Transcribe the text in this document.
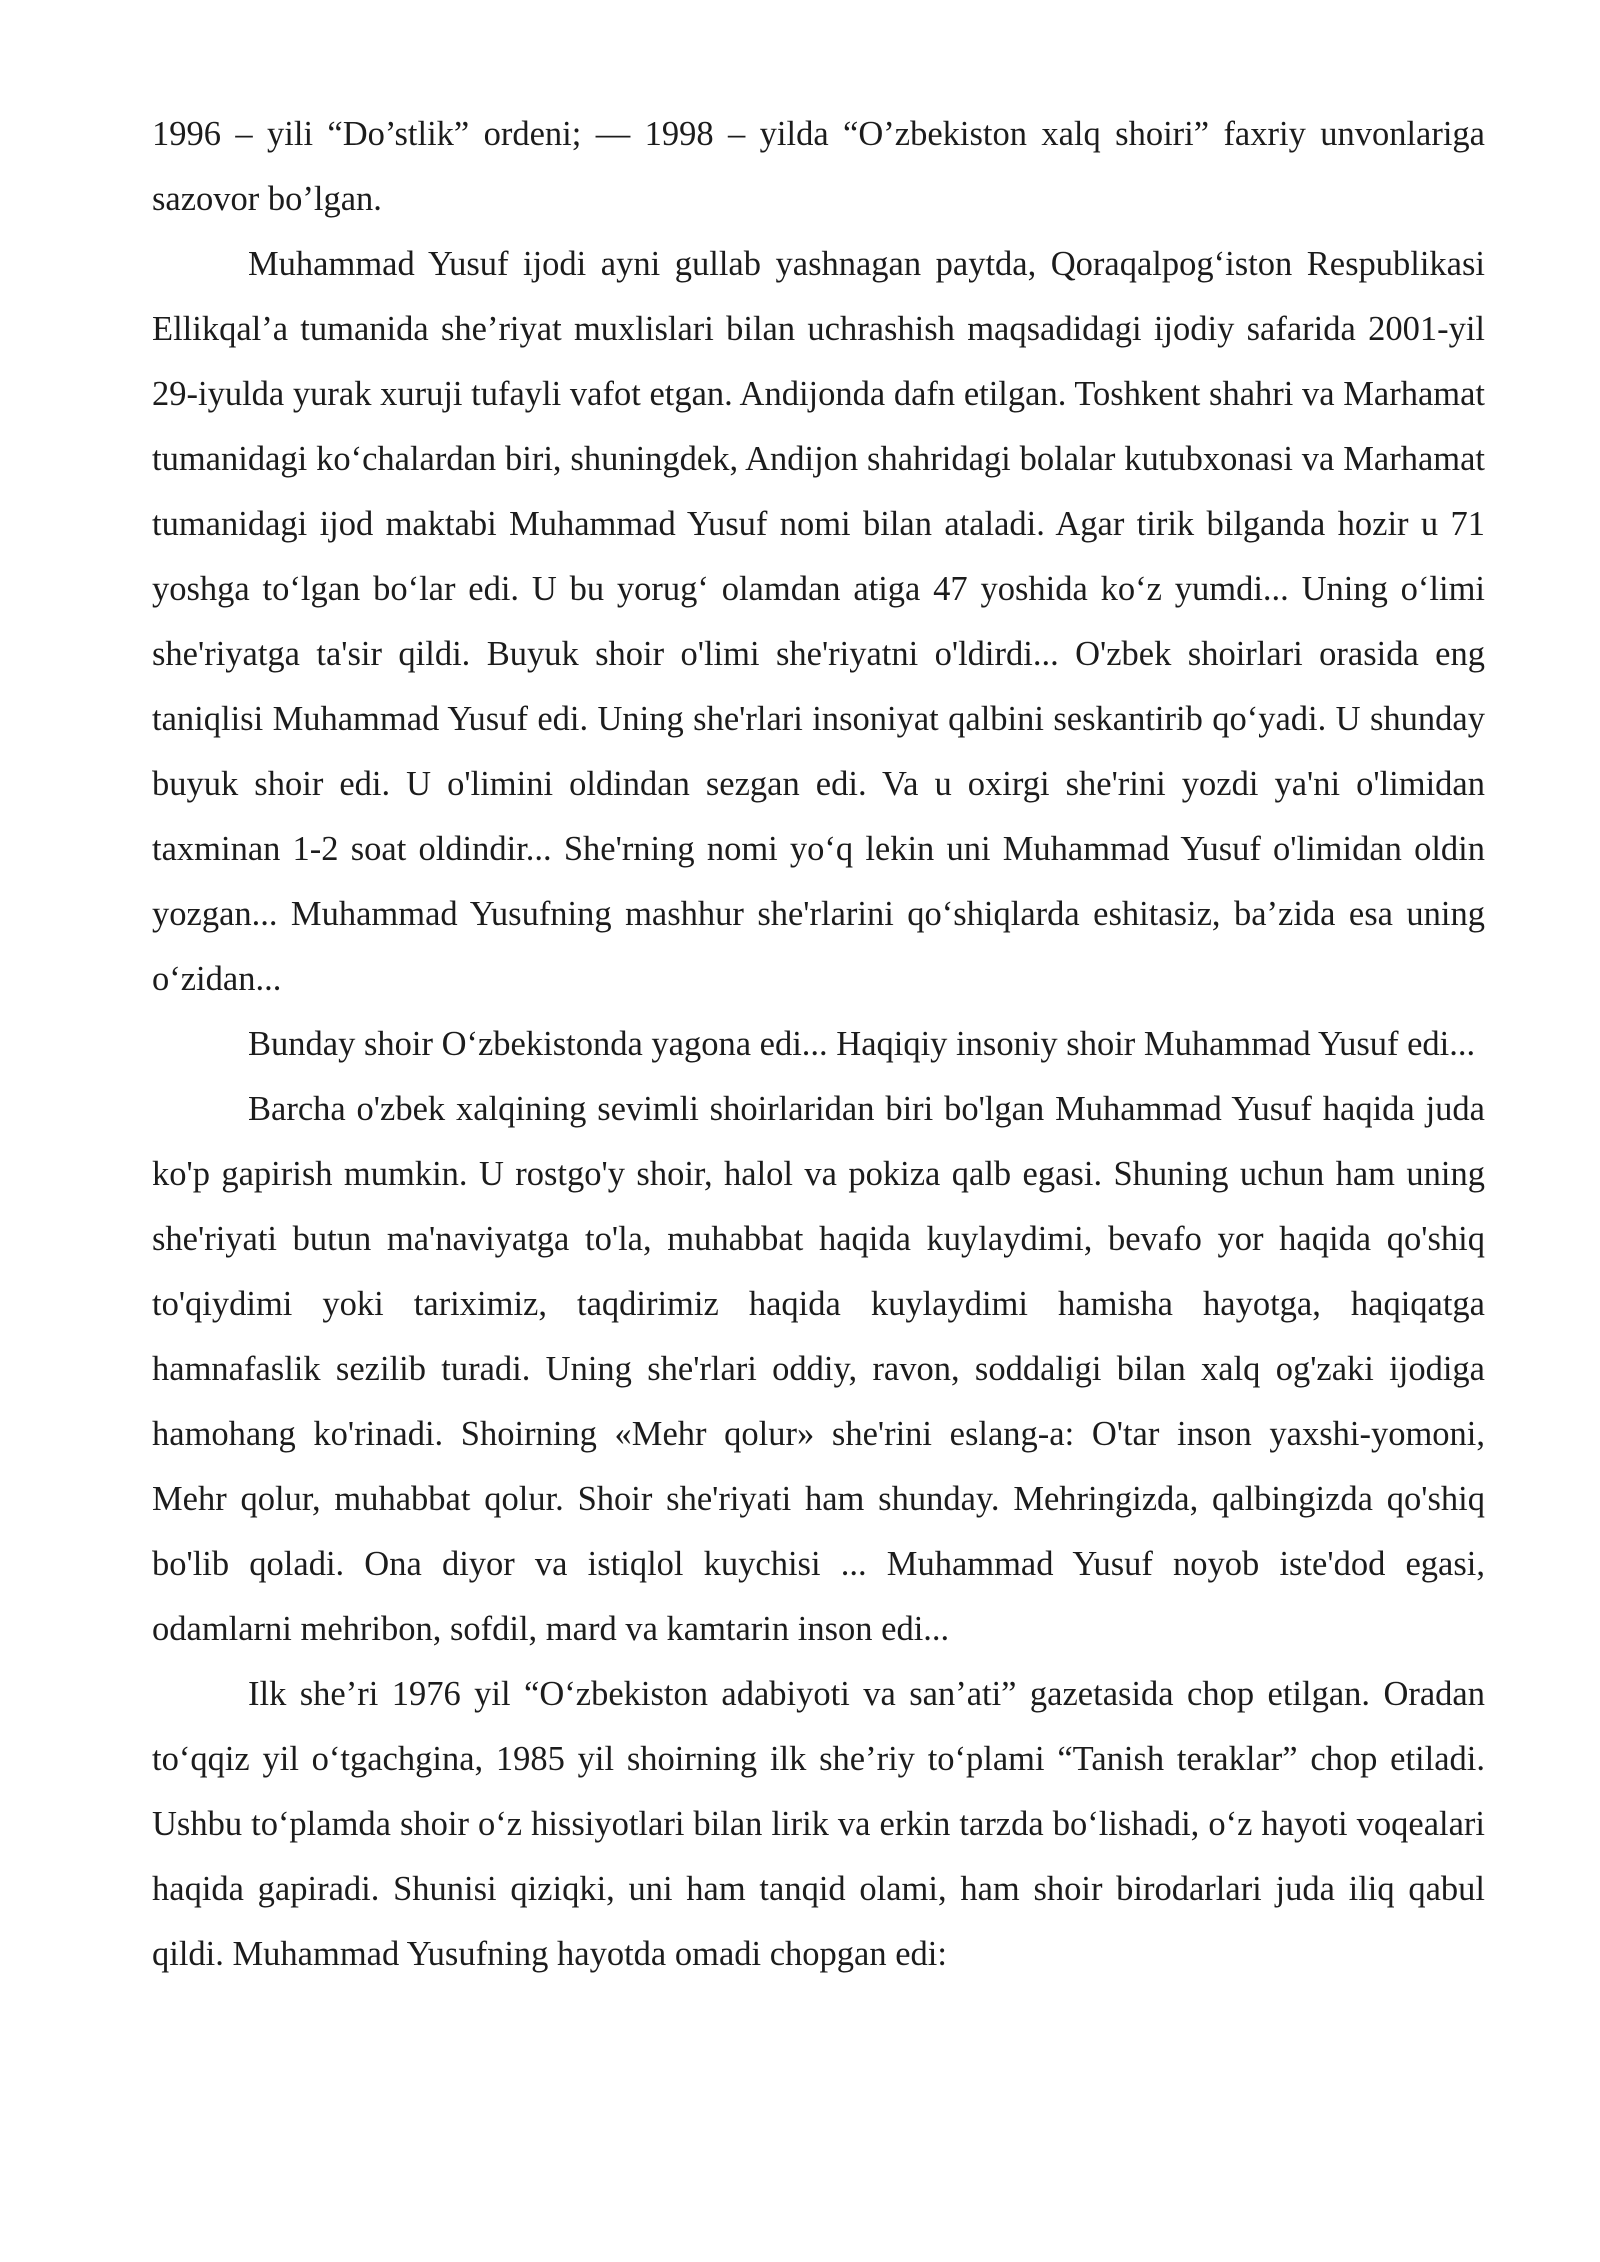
1996 – yili “Do’stlik” ordeni; — 1998 – yilda “O’zbekiston xalq shoiri” faxriy unvonlariga sazovor bo’lgan.

Muhammad Yusuf ijodi ayni gullab yashnagan paytda, Qoraqalpog‘iston Respublikasi Ellikqal’a tumanida she’riyat muxlislari bilan uchrashish maqsadidagi ijodiy safarida 2001-yil 29-iyulda yurak xuruji tufayli vafot etgan. Andijonda dafn etilgan. Toshkent shahri va Marhamat tumanidagi ko‘chalardan biri, shuningdek, Andijon shahridagi bolalar kutubxonasi va Marhamat tumanidagi ijod maktabi Muhammad Yusuf nomi bilan ataladi. Agar tirik bilganda hozir u 71 yoshga to‘lgan bo‘lar edi. U bu yorug‘ olamdan atiga 47 yoshida ko‘z yumdi... Uning o‘limi she'riyatga ta'sir qildi. Buyuk shoir o'limi she'riyatni o'ldirdi... O'zbek shoirlari orasida eng taniqlisi Muhammad Yusuf edi. Uning she'rlari insoniyat qalbini seskantirib qo‘yadi. U shunday buyuk shoir edi. U o'limini oldindan sezgan edi. Va u oxirgi she'rini yozdi ya'ni o'limidan taxminan 1-2 soat oldindir... She'rning nomi yo‘q lekin uni Muhammad Yusuf o'limidan oldin yozgan... Muhammad Yusufning mashhur she'rlarini qo‘shiqlarda eshitasiz, ba’zida esa uning o‘zidan...

Bunday shoir O‘zbekistonda yagona edi... Haqiqiy insoniy shoir Muhammad Yusuf edi...

Barcha o'zbek xalqining sevimli shoirlaridan biri bo'lgan Muhammad Yusuf haqida juda ko'p gapirish mumkin. U rostgo'y shoir, halol va pokiza qalb egasi. Shuning uchun ham uning she'riyati butun ma'naviyatga to'la, muhabbat haqida kuylaydimi, bevafo yor haqida qo'shiq to'qiydimi yoki tariximiz, taqdirimiz haqida kuylaydimi hamisha hayotga, haqiqatga hamnafaslik sezilib turadi. Uning she'rlari oddiy, ravon, soddaligi bilan xalq og'zaki ijodiga hamohang ko'rinadi. Shoirning «Mehr qolur» she'rini eslang-a: O'tar inson yaxshi-yomoni, Mehr qolur, muhabbat qolur. Shoir she'riyati ham shunday. Mehringizda, qalbingizda qo'shiq bo'lib qoladi. Ona diyor va istiqlol kuychisi ... Muhammad Yusuf noyob iste'dod egasi, odamlarni mehribon, sofdil, mard va kamtarin inson edi...

Ilk she’ri 1976 yil “O‘zbekiston adabiyoti va san’ati” gazetasida chop etilgan. Oradan to‘qqiz yil o‘tgachgina, 1985 yil shoirning ilk she’riy to‘plami “Tanish teraklar” chop etiladi. Ushbu to‘plamda shoir o‘z hissiyotlari bilan lirik va erkin tarzda bo‘lishadi, o‘z hayoti voqealari haqida gapiradi. Shunisi qiziqki, uni ham tanqid olami, ham shoir birodarlari juda iliq qabul qildi. Muhammad Yusufning hayotda omadi chopgan edi:
